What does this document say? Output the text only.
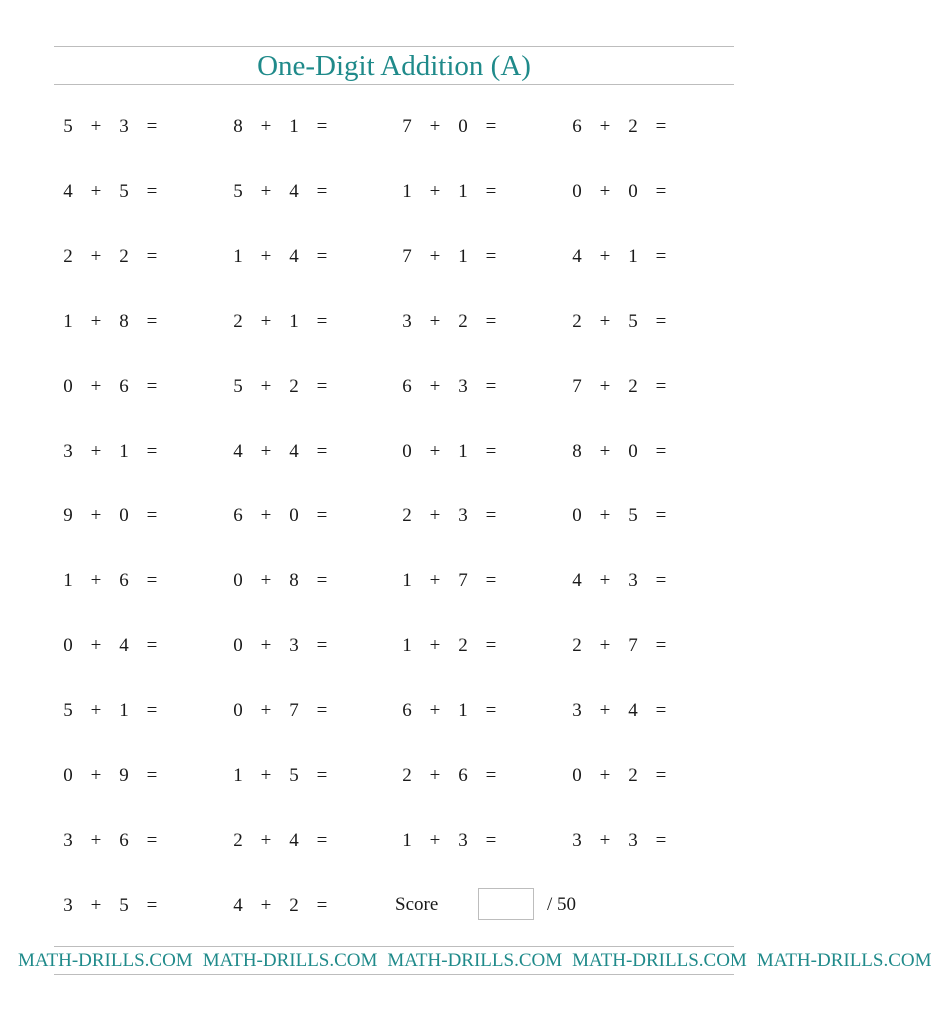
One-Digit Addition (A)
5 + 3 =	8 + 1 =	7 + 0 =	6 + 2 =
4 + 5 =	5 + 4 =	1 + 1 =	0 + 0 =
2 + 2 =	1 + 4 =	7 + 1 =	4 + 1 =
1 + 8 =	2 + 1 =	3 + 2 =	2 + 5 =
0 + 6 =	5 + 2 =	6 + 3 =	7 + 2 =
3 + 1 =	4 + 4 =	0 + 1 =	8 + 0 =
9 + 0 =	6 + 0 =	2 + 3 =	0 + 5 =
1 + 6 =	0 + 8 =	1 + 7 =	4 + 3 =
0 + 4 =	0 + 3 =	1 + 2 =	2 + 7 =
5 + 1 =	0 + 7 =	6 + 1 =	3 + 4 =
0 + 9 =	1 + 5 =	2 + 6 =	0 + 2 =
3 + 6 =	2 + 4 =	1 + 3 =	3 + 3 =
3 + 5 =	4 + 2 =	Score	/ 50
MATH-DRILLS.COM MATH-DRILLS.COM MATH-DRILLS.COM MATH-DRILLS.COM MATH-DRILLS.COM
